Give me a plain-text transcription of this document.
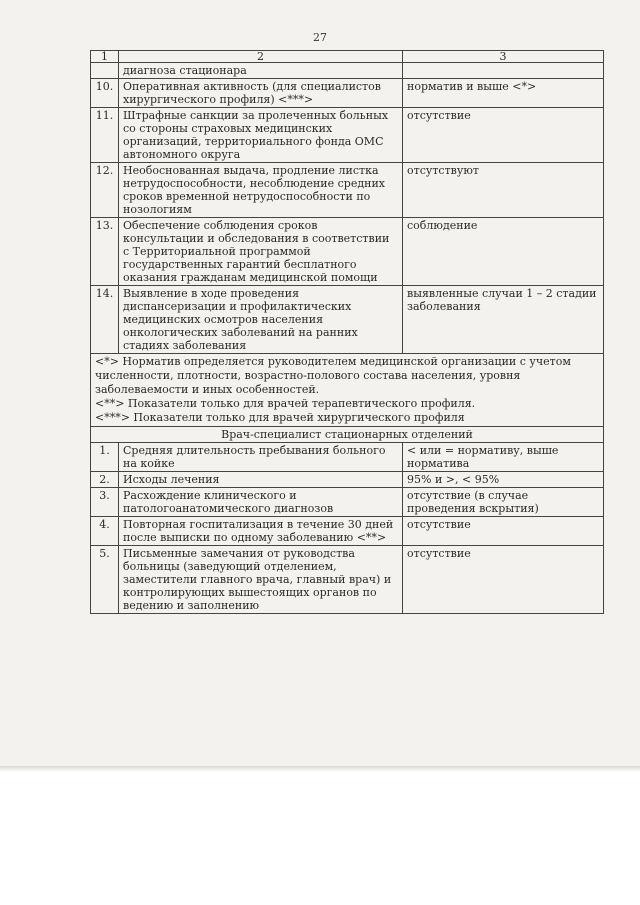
27
1	2	3
	диагноза стационара	
10.	Оперативная активность (для специалистов хирургического профиля) <***>	норматив и выше <*>
11.	Штрафные санкции за пролеченных больных со стороны страховых медицинских организаций, территориального фонда ОМС автономного округа	отсутствие
12.	Необоснованная выдача, продление листка нетрудоспособности, несоблюдение средних сроков временной нетрудоспособности по нозологиям	отсутствуют
13.	Обеспечение соблюдения сроков консультации и обследования в соответствии с Территориальной программой государственных гарантий бесплатного оказания гражданам медицинской помощи	соблюдение
14.	Выявление в ходе проведения диспансеризации и профилактических медицинских осмотров населения онкологических заболеваний на ранних стадиях заболевания	выявленные случаи 1 – 2 стадии заболевания

<*> Норматив определяется руководителем медицинской организации с учетом численности, плотности, возрастно-полового состава населения, уровня заболеваемости и иных особенностей.
<**> Показатели только для врачей терапевтического профиля.
<***> Показатели только для врачей хирургического профиля		

Врач-специалист стационарных отделений		
1.	Средняя длительность пребывания больного на койке	< или = нормативу, выше норматива
2.	Исходы лечения	95% и >, < 95%
3.	Расхождение клинического и патологоанатомического диагнозов	отсутствие (в случае проведения вскрытия)
4.	Повторная госпитализация в течение 30 дней после выписки по одному заболеванию <**>	отсутствие
5.	Письменные замечания от руководства больницы (заведующий отделением, заместители главного врача, главный врач) и контролирующих вышестоящих органов по ведению и заполнению	отсутствие
